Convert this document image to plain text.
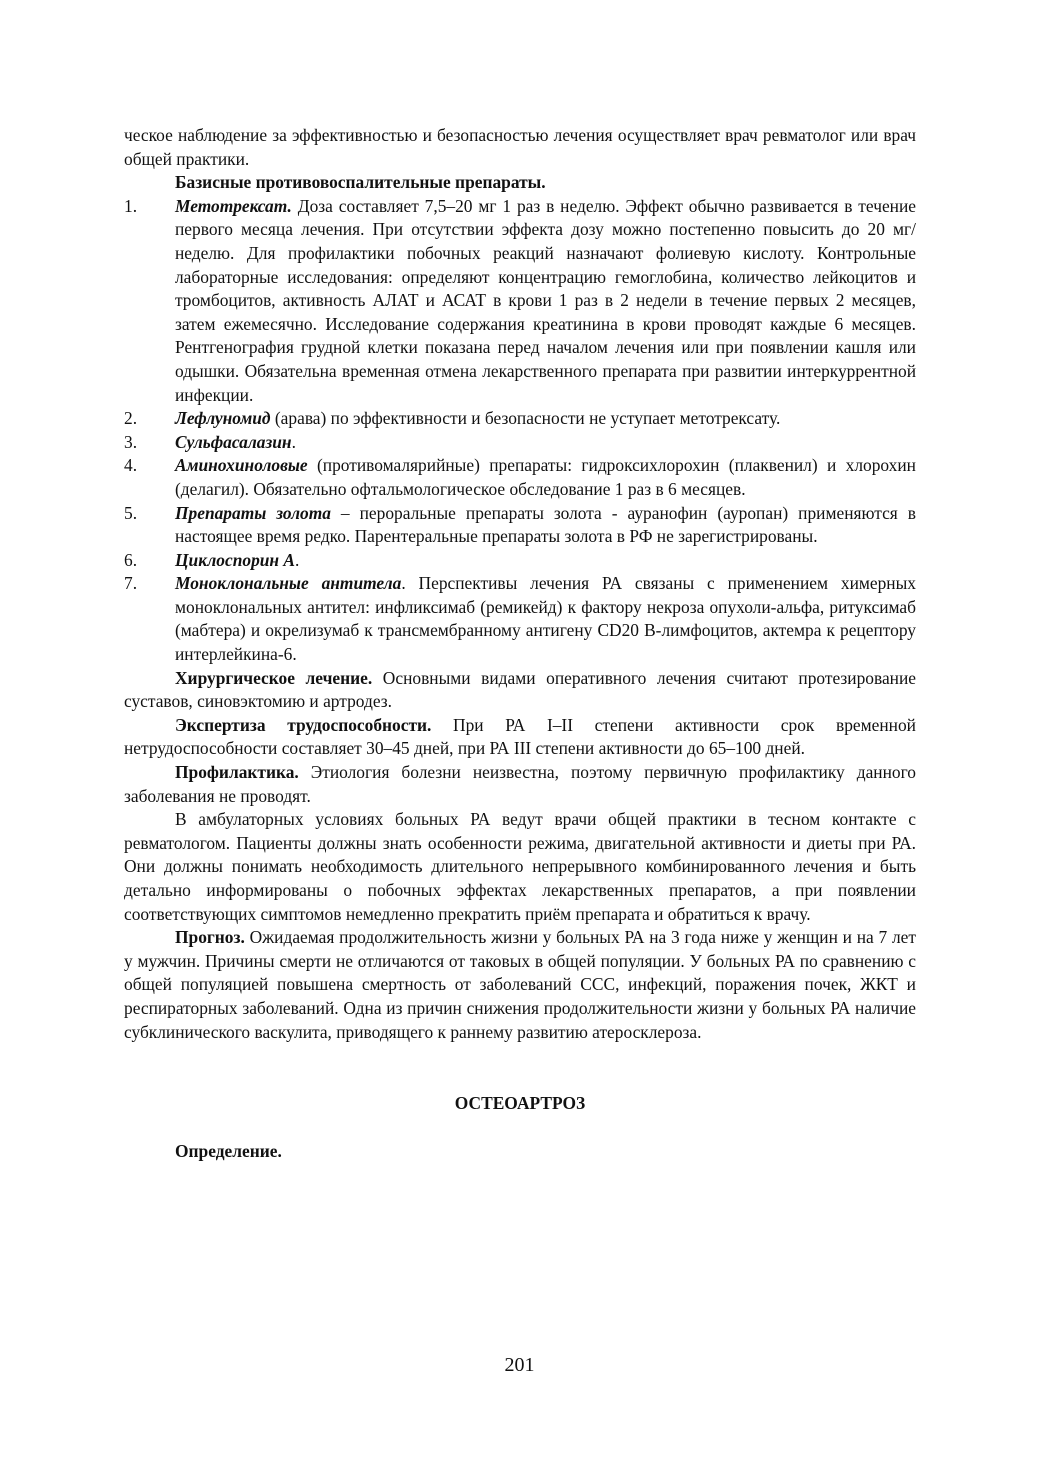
ческое наблюдение за эффективностью и безопасностью лечения осуществляет врач ревматолог или врач общей практики.

Базисные противовоспалительные препараты.

1.	Метотрексат. Доза составляет 7,5–20 мг 1 раз в неделю. Эффект обычно развивается в течение первого месяца лечения. При отсутствии эффекта дозу можно постепенно повысить до 20 мг/неделю. Для профилактики побочных реакций назначают фолиевую кислоту. Контрольные лабораторные исследования: определяют концентрацию гемоглобина, количество лейкоцитов и тромбоцитов, активность АЛАТ и АСАТ в крови 1 раз в 2 недели в течение первых 2 месяцев, затем ежемесячно. Исследование содержания креатинина в крови проводят каждые 6 месяцев. Рентгенография грудной клетки показана перед началом лечения или при появлении кашля или одышки. Обязательна временная отмена лекарственного препарата при развитии интеркуррентной инфекции.
2.	Лефлуномид (арава) по эффективности и безопасности не уступает метотрексату.
3.	Сульфасалазин.
4.	Аминохиноловые (противомалярийные) препараты: гидроксихлорохин (плаквенил) и хлорохин (делагил). Обязательно офтальмологическое обследование 1 раз в 6 месяцев.
5.	Препараты золота – пероральные препараты золота - ауранофин (ауропан) применяются в настоящее время редко. Парентеральные препараты золота в РФ не зарегистрированы.
6.	Циклоспорин А.
7.	Моноклональные антитела. Перспективы лечения РА связаны с применением химерных моноклональных антител: инфликсимаб (ремикейд) к фактору некроза опухоли-альфа, ритуксимаб (мабтера) и окрелизумаб к трансмембранному антигену CD20 В-лимфоцитов, актемра к рецептору интерлейкина-6.

Хирургическое лечение. Основными видами оперативного лечения считают протезирование суставов, синовэктомию и артродез.

Экспертиза трудоспособности. При РА I–II степени активности срок временной нетрудоспособности составляет 30–45 дней, при РА III степени активности до 65–100 дней.

Профилактика. Этиология болезни неизвестна, поэтому первичную профилактику данного заболевания не проводят.

В амбулаторных условиях больных РА ведут врачи общей практики в тесном контакте с ревматологом. Пациенты должны знать особенности режима, двигательной активности и диеты при РА. Они должны понимать необходимость длительного непрерывного комбинированного лечения и быть детально информированы о побочных эффектах лекарственных препаратов, а при появлении соответствующих симптомов немедленно прекратить приём препарата и обратиться к врачу.

Прогноз. Ожидаемая продолжительность жизни у больных РА на 3 года ниже у женщин и на 7 лет у мужчин. Причины смерти не отличаются от таковых в общей популяции. У больных РА по сравнению с общей популяцией повышена смертность от заболеваний ССС, инфекций, поражения почек, ЖКТ и респираторных заболеваний. Одна из причин снижения продолжительности жизни у больных РА наличие субклинического васкулита, приводящего к раннему развитию атеросклероза.

ОСТЕОАРТРОЗ

Определение.

201
